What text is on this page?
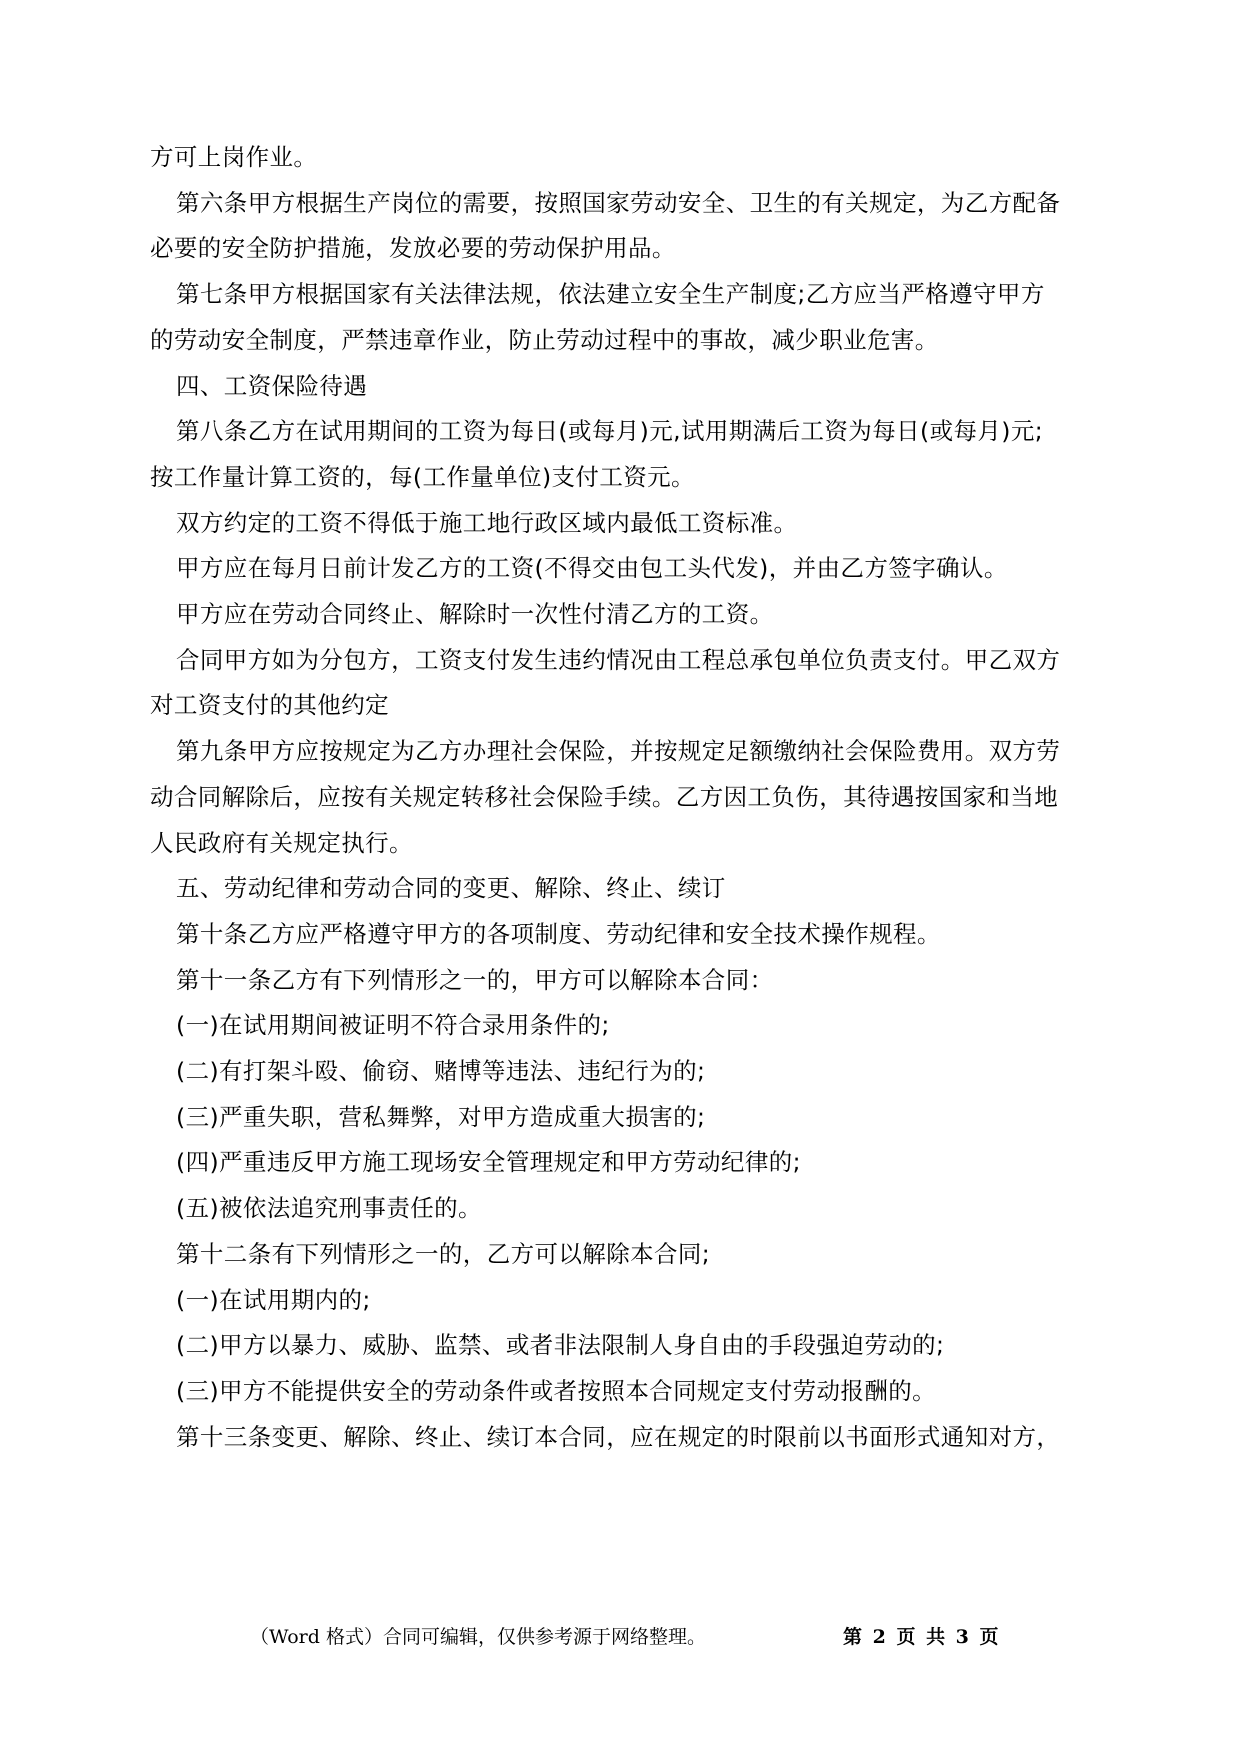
方可上岗作业。
第六条甲方根据生产岗位的需要，按照国家劳动安全、卫生的有关规定，为乙方配备
必要的安全防护措施，发放必要的劳动保护用品。
第七条甲方根据国家有关法律法规，依法建立安全生产制度;乙方应当严格遵守甲方
的劳动安全制度，严禁违章作业，防止劳动过程中的事故，减少职业危害。
四、工资保险待遇
第八条乙方在试用期间的工资为每日(或每月)元,试用期满后工资为每日(或每月)元;
按工作量计算工资的，每(工作量单位)支付工资元。
双方约定的工资不得低于施工地行政区域内最低工资标准。
甲方应在每月日前计发乙方的工资(不得交由包工头代发)，并由乙方签字确认。
甲方应在劳动合同终止、解除时一次性付清乙方的工资。
合同甲方如为分包方，工资支付发生违约情况由工程总承包单位负责支付。甲乙双方
对工资支付的其他约定
第九条甲方应按规定为乙方办理社会保险，并按规定足额缴纳社会保险费用。双方劳
动合同解除后，应按有关规定转移社会保险手续。乙方因工负伤，其待遇按国家和当地
人民政府有关规定执行。
五、劳动纪律和劳动合同的变更、解除、终止、续订
第十条乙方应严格遵守甲方的各项制度、劳动纪律和安全技术操作规程。
第十一条乙方有下列情形之一的，甲方可以解除本合同：
(一)在试用期间被证明不符合录用条件的;
(二)有打架斗殴、偷窃、赌博等违法、违纪行为的;
(三)严重失职，营私舞弊，对甲方造成重大损害的;
(四)严重违反甲方施工现场安全管理规定和甲方劳动纪律的;
(五)被依法追究刑事责任的。
第十二条有下列情形之一的，乙方可以解除本合同;
(一)在试用期内的;
(二)甲方以暴力、威胁、监禁、或者非法限制人身自由的手段强迫劳动的;
(三)甲方不能提供安全的劳动条件或者按照本合同规定支付劳动报酬的。
第十三条变更、解除、终止、续订本合同，应在规定的时限前以书面形式通知对方，
（Word 格式）合同可编辑，仅供参考源于网络整理。	第 2 页 共 3 页
